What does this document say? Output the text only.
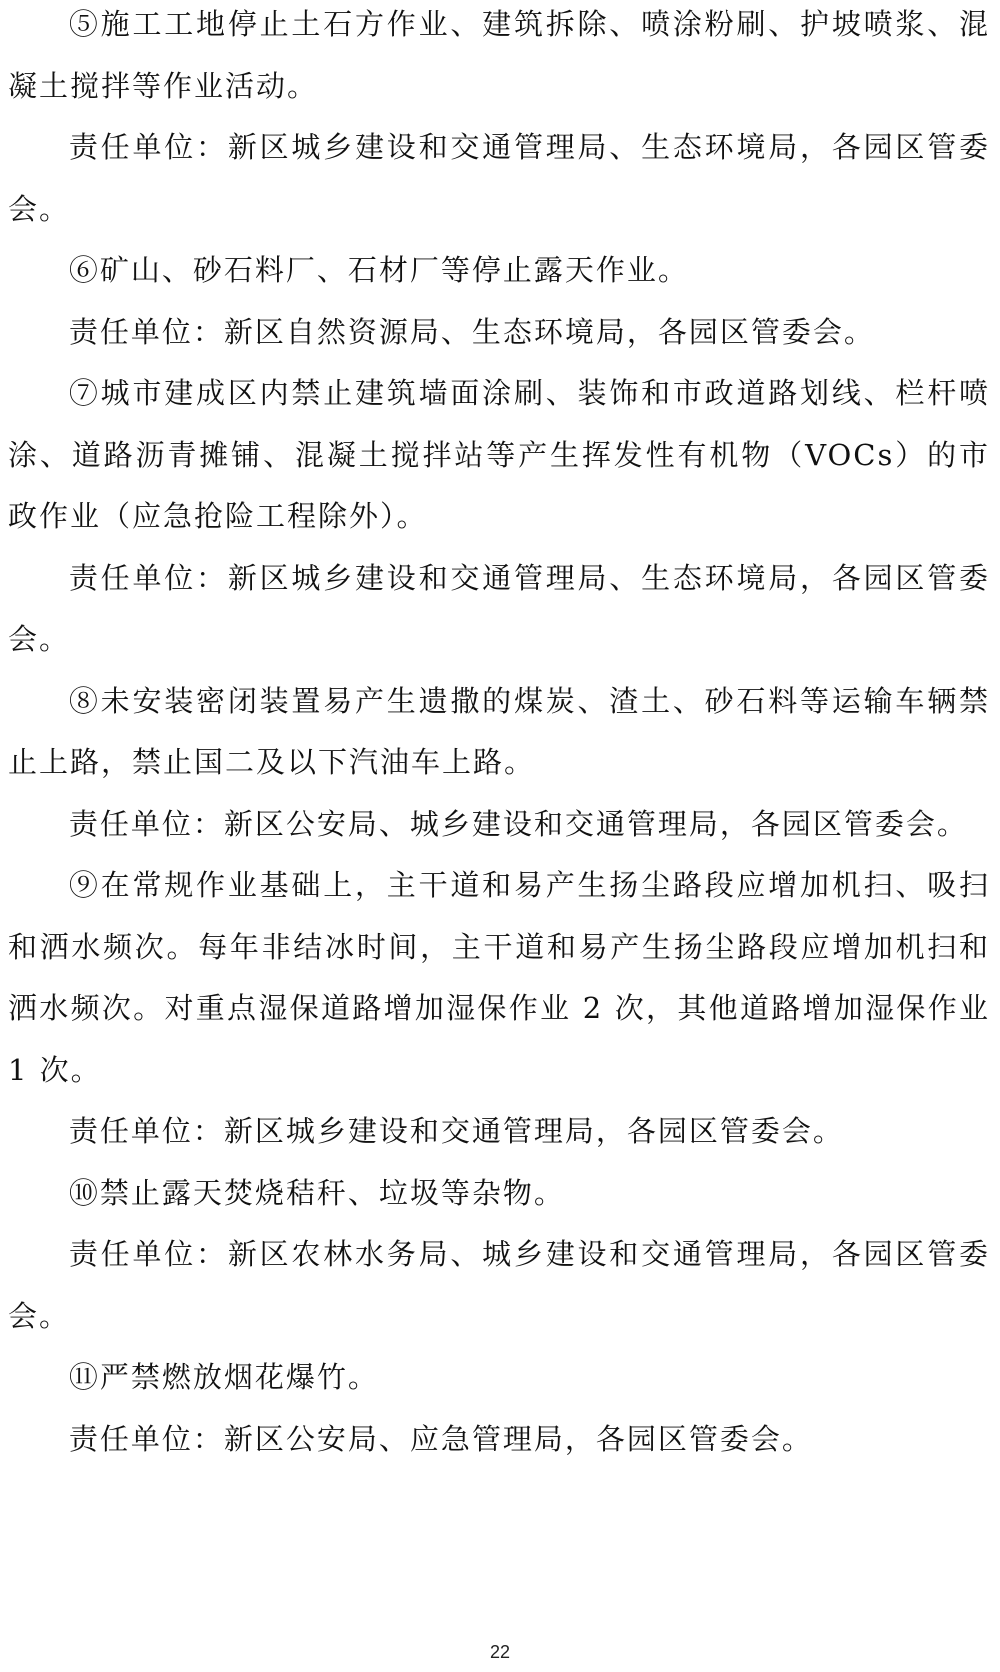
⑤施工工地停止土石方作业、建筑拆除、喷涂粉刷、护坡喷浆、混凝土搅拌等作业活动。

责任单位：新区城乡建设和交通管理局、生态环境局，各园区管委会。

⑥矿山、砂石料厂、石材厂等停止露天作业。

责任单位：新区自然资源局、生态环境局，各园区管委会。

⑦城市建成区内禁止建筑墙面涂刷、装饰和市政道路划线、栏杆喷涂、道路沥青摊铺、混凝土搅拌站等产生挥发性有机物（VOCs）的市政作业（应急抢险工程除外）。

责任单位：新区城乡建设和交通管理局、生态环境局，各园区管委会。

⑧未安装密闭装置易产生遗撒的煤炭、渣土、砂石料等运输车辆禁止上路，禁止国二及以下汽油车上路。

责任单位：新区公安局、城乡建设和交通管理局，各园区管委会。

⑨在常规作业基础上，主干道和易产生扬尘路段应增加机扫、吸扫和洒水频次。每年非结冰时间，主干道和易产生扬尘路段应增加机扫和洒水频次。对重点湿保道路增加湿保作业 2 次，其他道路增加湿保作业 1 次。

责任单位：新区城乡建设和交通管理局，各园区管委会。

⑩禁止露天焚烧秸秆、垃圾等杂物。

责任单位：新区农林水务局、城乡建设和交通管理局，各园区管委会。

⑪严禁燃放烟花爆竹。

责任单位：新区公安局、应急管理局，各园区管委会。

22
